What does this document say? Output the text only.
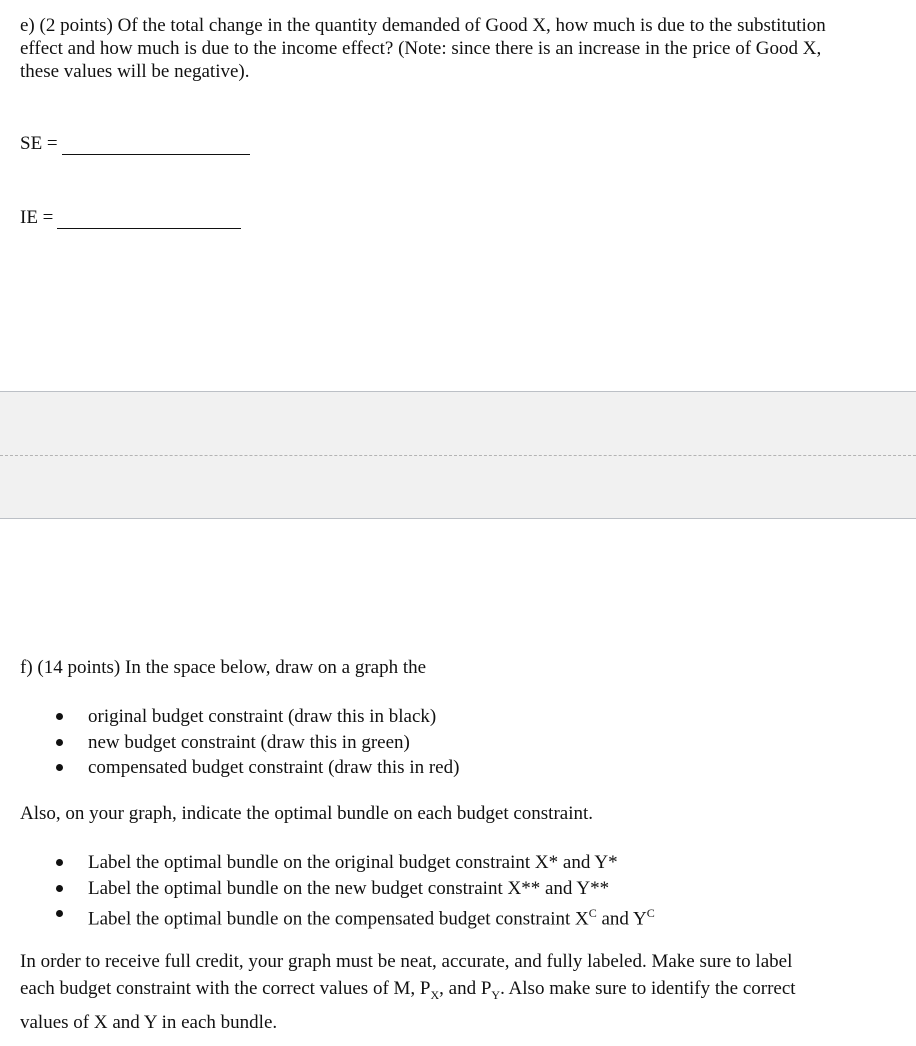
e) (2 points) Of the total change in the quantity demanded of Good X, how much is due to the substitution
effect and how much is due to the income effect? (Note: since there is an increase in the price of Good X,
these values will be negative).

SE =
IE =

f) (14 points) In the space below, draw on a graph the

original budget constraint (draw this in black)
new budget constraint (draw this in green)
compensated budget constraint (draw this in red)

Also, on your graph, indicate the optimal bundle on each budget constraint.

Label the optimal bundle on the original budget constraint X* and Y*
Label the optimal bundle on the new budget constraint X** and Y**
Label the optimal bundle on the compensated budget constraint $X^C$ and $Y^C$

In order to receive full credit, your graph must be neat, accurate, and fully labeled. Make sure to label
each budget constraint with the correct values of M, $P_X$, and $P_Y$. Also make sure to identify the correct
values of X and Y in each bundle.
